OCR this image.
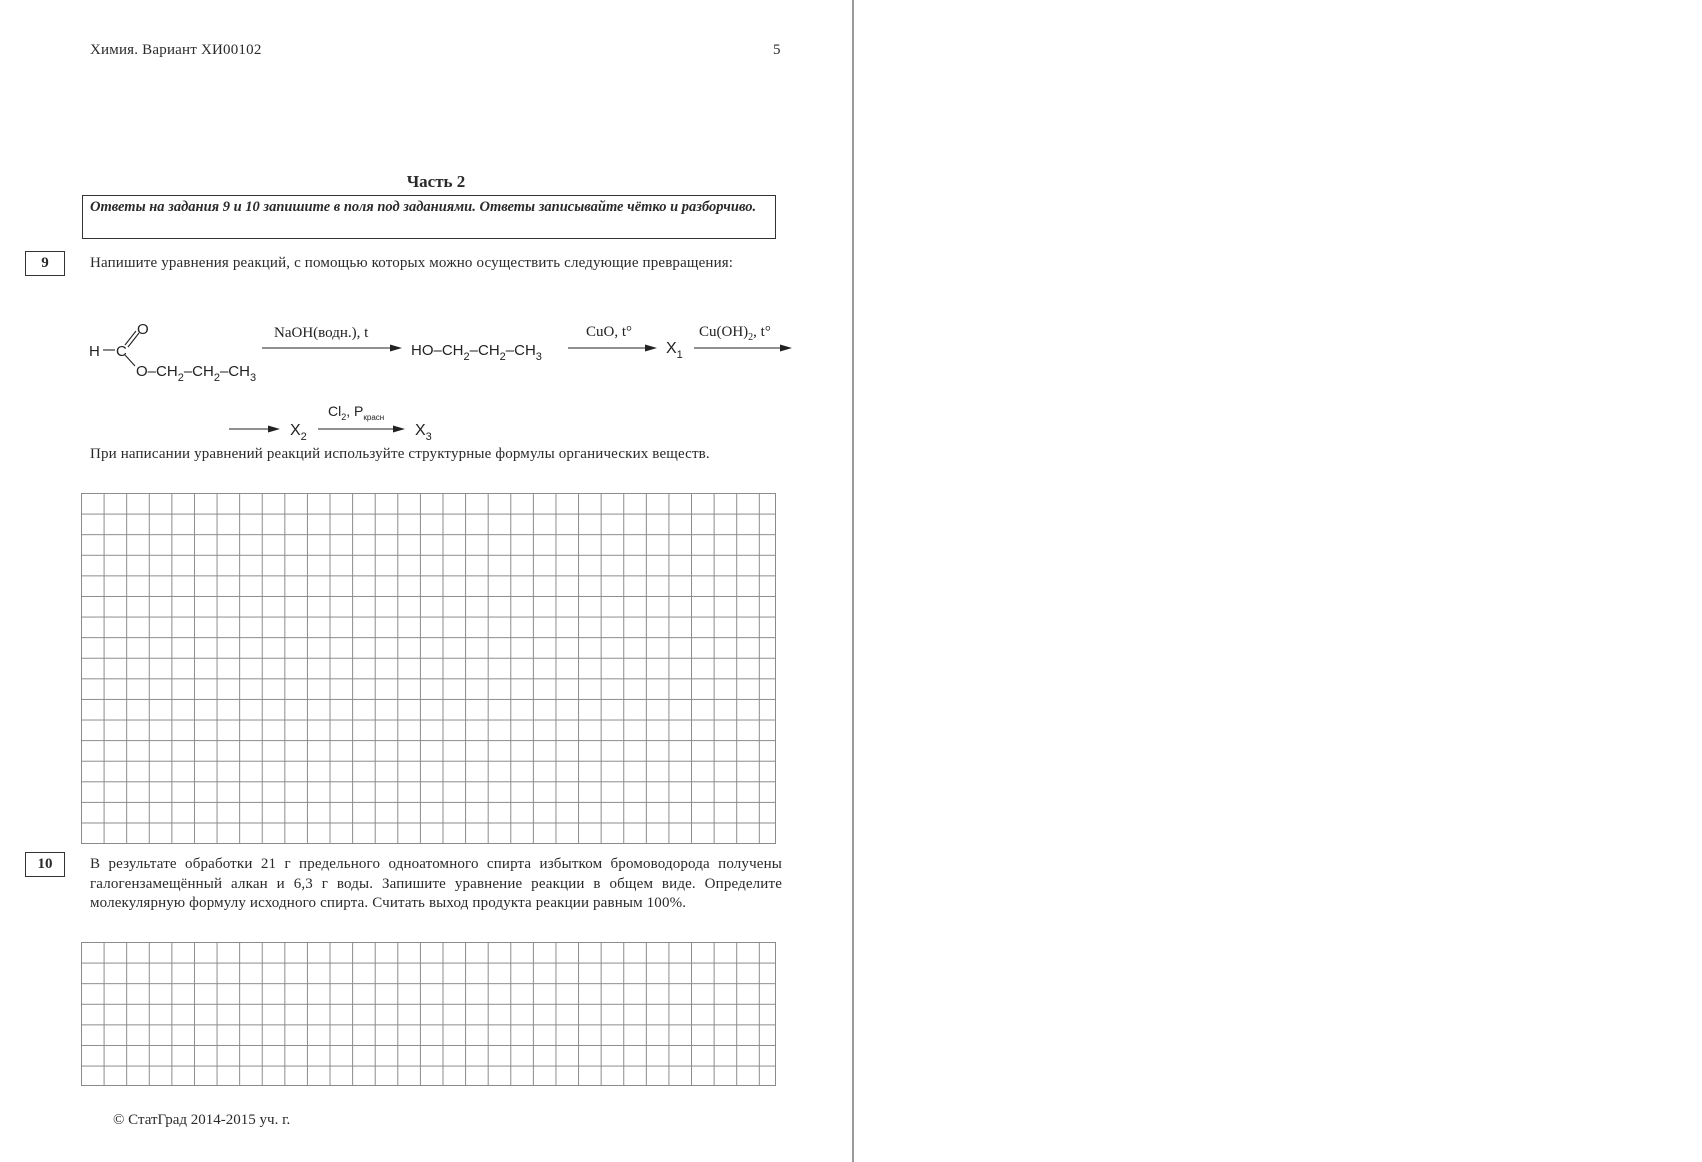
Химия. Вариант ХИ00102	5
Часть 2
Ответы на задания 9 и 10 запишите в поля под заданиями. Ответы записывайте чётко и разборчиво.
9	Напишите уравнения реакций, с помощью которых можно осуществить следующие превращения:
H C
O
$O-CH_2-CH_2-CH_3$
NaOH(водн.), t
$HO-CH_2-CH_2-CH_3$
CuO, t°
$X_1$
$Cu(OH)_2$, t°
$X_2$
$Cl_2$, $P_{красн}$
$X_3$
При написании уравнений реакций используйте структурные формулы органических веществ.
10	В результате обработки 21 г предельного одноатомного спирта избытком бромоводорода получены галогензамещённый алкан и 6,3 г воды. Запишите уравнение реакции в общем виде. Определите молекулярную формулу исходного спирта. Считать выход продукта реакции равным 100%.
© СтатГрад 2014-2015 уч. г.
